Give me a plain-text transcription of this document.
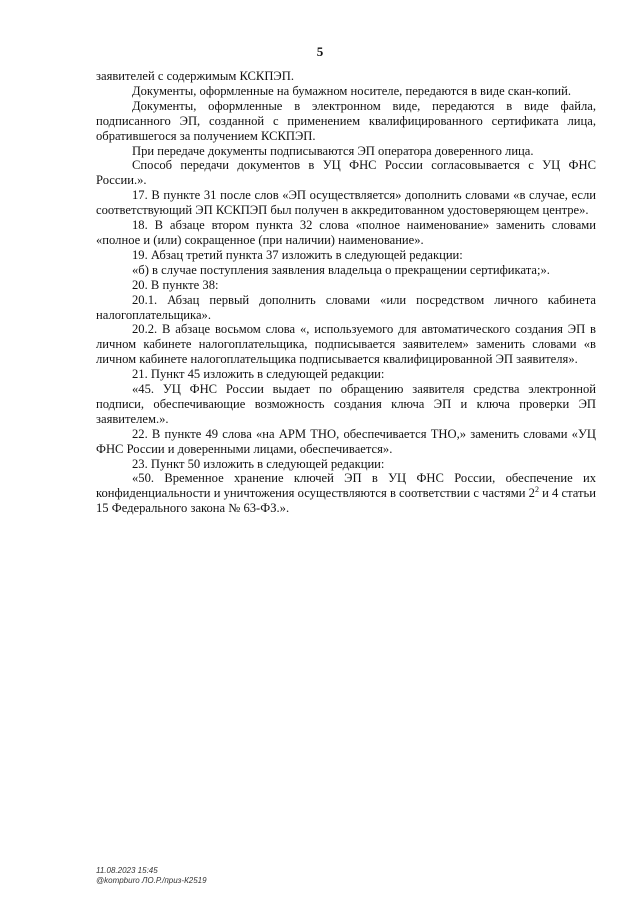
5

заявителей с содержимым КСКПЭП.

Документы, оформленные на бумажном носителе, передаются в виде скан-копий.

Документы, оформленные в электронном виде, передаются в виде файла, подписанного ЭП, созданной с применением квалифицированного сертификата лица, обратившегося за получением КСКПЭП.

При передаче документы подписываются ЭП оператора доверенного лица.

Способ передачи документов в УЦ ФНС России согласовывается с УЦ ФНС России.».

17. В пункте 31 после слов «ЭП осуществляется» дополнить словами «в случае, если соответствующий ЭП КСКПЭП был получен в аккредитованном удостоверяющем центре».

18. В абзаце втором пункта 32 слова «полное наименование» заменить словами «полное и (или) сокращенное (при наличии) наименование».

19. Абзац третий пункта 37 изложить в следующей редакции:

«б) в случае поступления заявления владельца о прекращении сертификата;».

20. В пункте 38:

20.1. Абзац первый дополнить словами «или посредством личного кабинета налогоплательщика».

20.2. В абзаце восьмом слова «, используемого для автоматического создания ЭП в личном кабинете налогоплательщика, подписывается заявителем» заменить словами «в личном кабинете налогоплательщика подписывается квалифицированной ЭП заявителя».

21. Пункт 45 изложить в следующей редакции:

«45. УЦ ФНС России выдает по обращению заявителя средства электронной подписи, обеспечивающие возможность создания ключа ЭП и ключа проверки ЭП заявителем.».

22. В пункте 49 слова «на АРМ ТНО, обеспечивается ТНО,» заменить словами «УЦ ФНС России и доверенными лицами, обеспечивается».

23. Пункт 50 изложить в следующей редакции:

«50. Временное хранение ключей ЭП в УЦ ФНС России, обеспечение их конфиденциальности и уничтожения осуществляются в соответствии с частями $2^2$ и 4 статьи 15 Федерального закона № 63-ФЗ.».

11.08.2023 15:45
@kompburo ЛО.Р./приз-К2519
